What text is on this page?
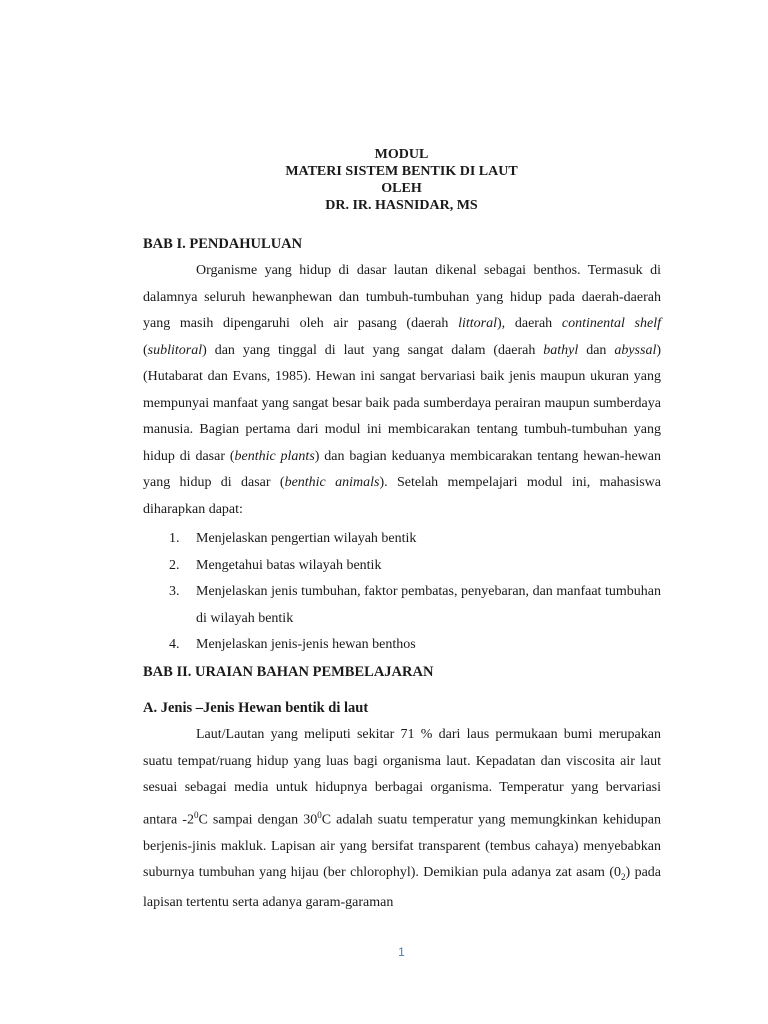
MODUL
MATERI SISTEM BENTIK DI LAUT
OLEH
DR. IR. HASNIDAR, MS
BAB I. PENDAHULUAN

Organisme yang hidup di dasar lautan dikenal sebagai benthos. Termasuk di dalamnya seluruh hewanphewan dan tumbuh-tumbuhan yang hidup pada daerah-daerah yang masih dipengaruhi oleh air pasang (daerah littoral), daerah continental shelf (sublitoral) dan yang tinggal di laut yang sangat dalam (daerah bathyl dan abyssal) (Hutabarat dan Evans, 1985). Hewan ini sangat bervariasi baik jenis maupun ukuran yang mempunyai manfaat yang sangat besar baik pada sumberdaya perairan maupun sumberdaya manusia. Bagian pertama dari modul ini membicarakan tentang tumbuh-tumbuhan yang hidup di dasar (benthic plants) dan bagian keduanya membicarakan tentang hewan-hewan yang hidup di dasar (benthic animals). Setelah mempelajari modul ini, mahasiswa diharapkan dapat:

1. Menjelaskan pengertian wilayah bentik
2. Mengetahui batas wilayah bentik
3. Menjelaskan jenis tumbuhan, faktor pembatas, penyebaran, dan manfaat tumbuhan di wilayah bentik
4. Menjelaskan jenis-jenis hewan benthos
BAB II. URAIAN BAHAN PEMBELAJARAN
A. Jenis –Jenis Hewan bentik di laut

Laut/Lautan yang meliputi sekitar 71 % dari laus permukaan bumi merupakan suatu tempat/ruang hidup yang luas bagi organisma laut. Kepadatan dan viscosita air laut sesuai sebagai media untuk hidupnya berbagai organisma. Temperatur yang bervariasi antara $-2^0C$ sampai dengan $30^0C$ adalah suatu temperatur yang memungkinkan kehidupan berjenis-jinis makluk. Lapisan air yang bersifat transparent (tembus cahaya) menyebabkan suburnya tumbuhan yang hijau (ber chlorophyl). Demikian pula adanya zat asam $(0_2)$ pada lapisan tertentu serta adanya garam-garaman

1
